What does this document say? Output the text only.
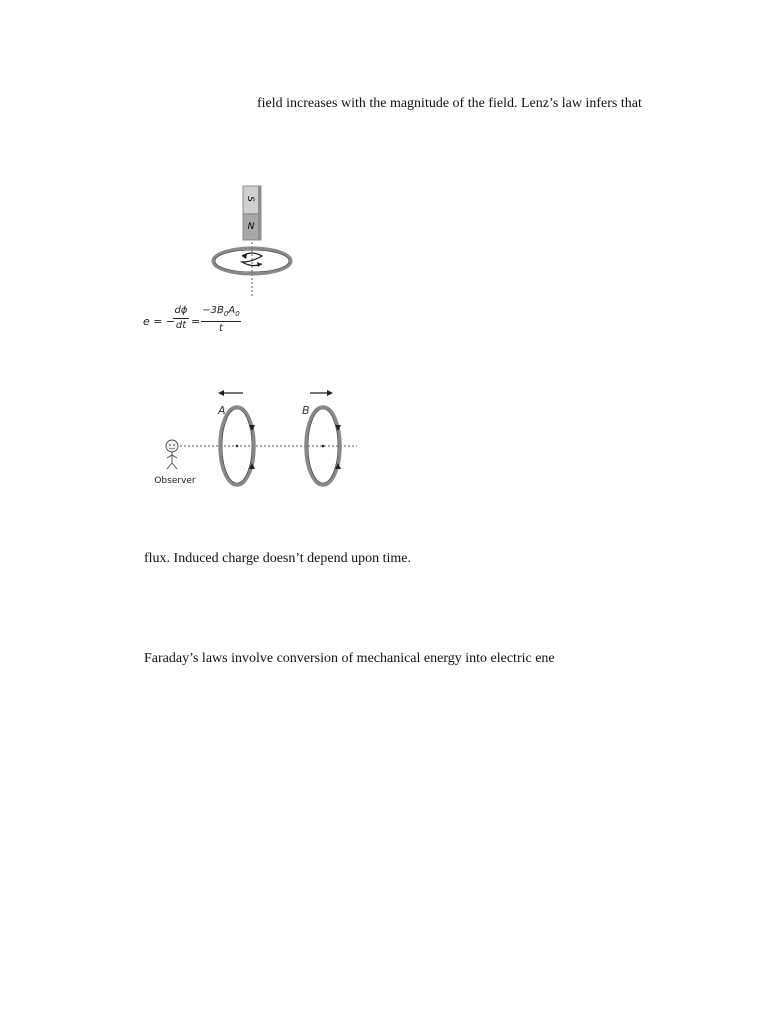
field increases with the magnitude of the field. Lenz’s law infers that
S
N
e = −
dϕ
dt =
$-3B_0A_0$
t
A	B
Observer
flux. Induced charge doesn’t depend upon time.
Faraday’s laws involve conversion of mechanical energy into electric ene
